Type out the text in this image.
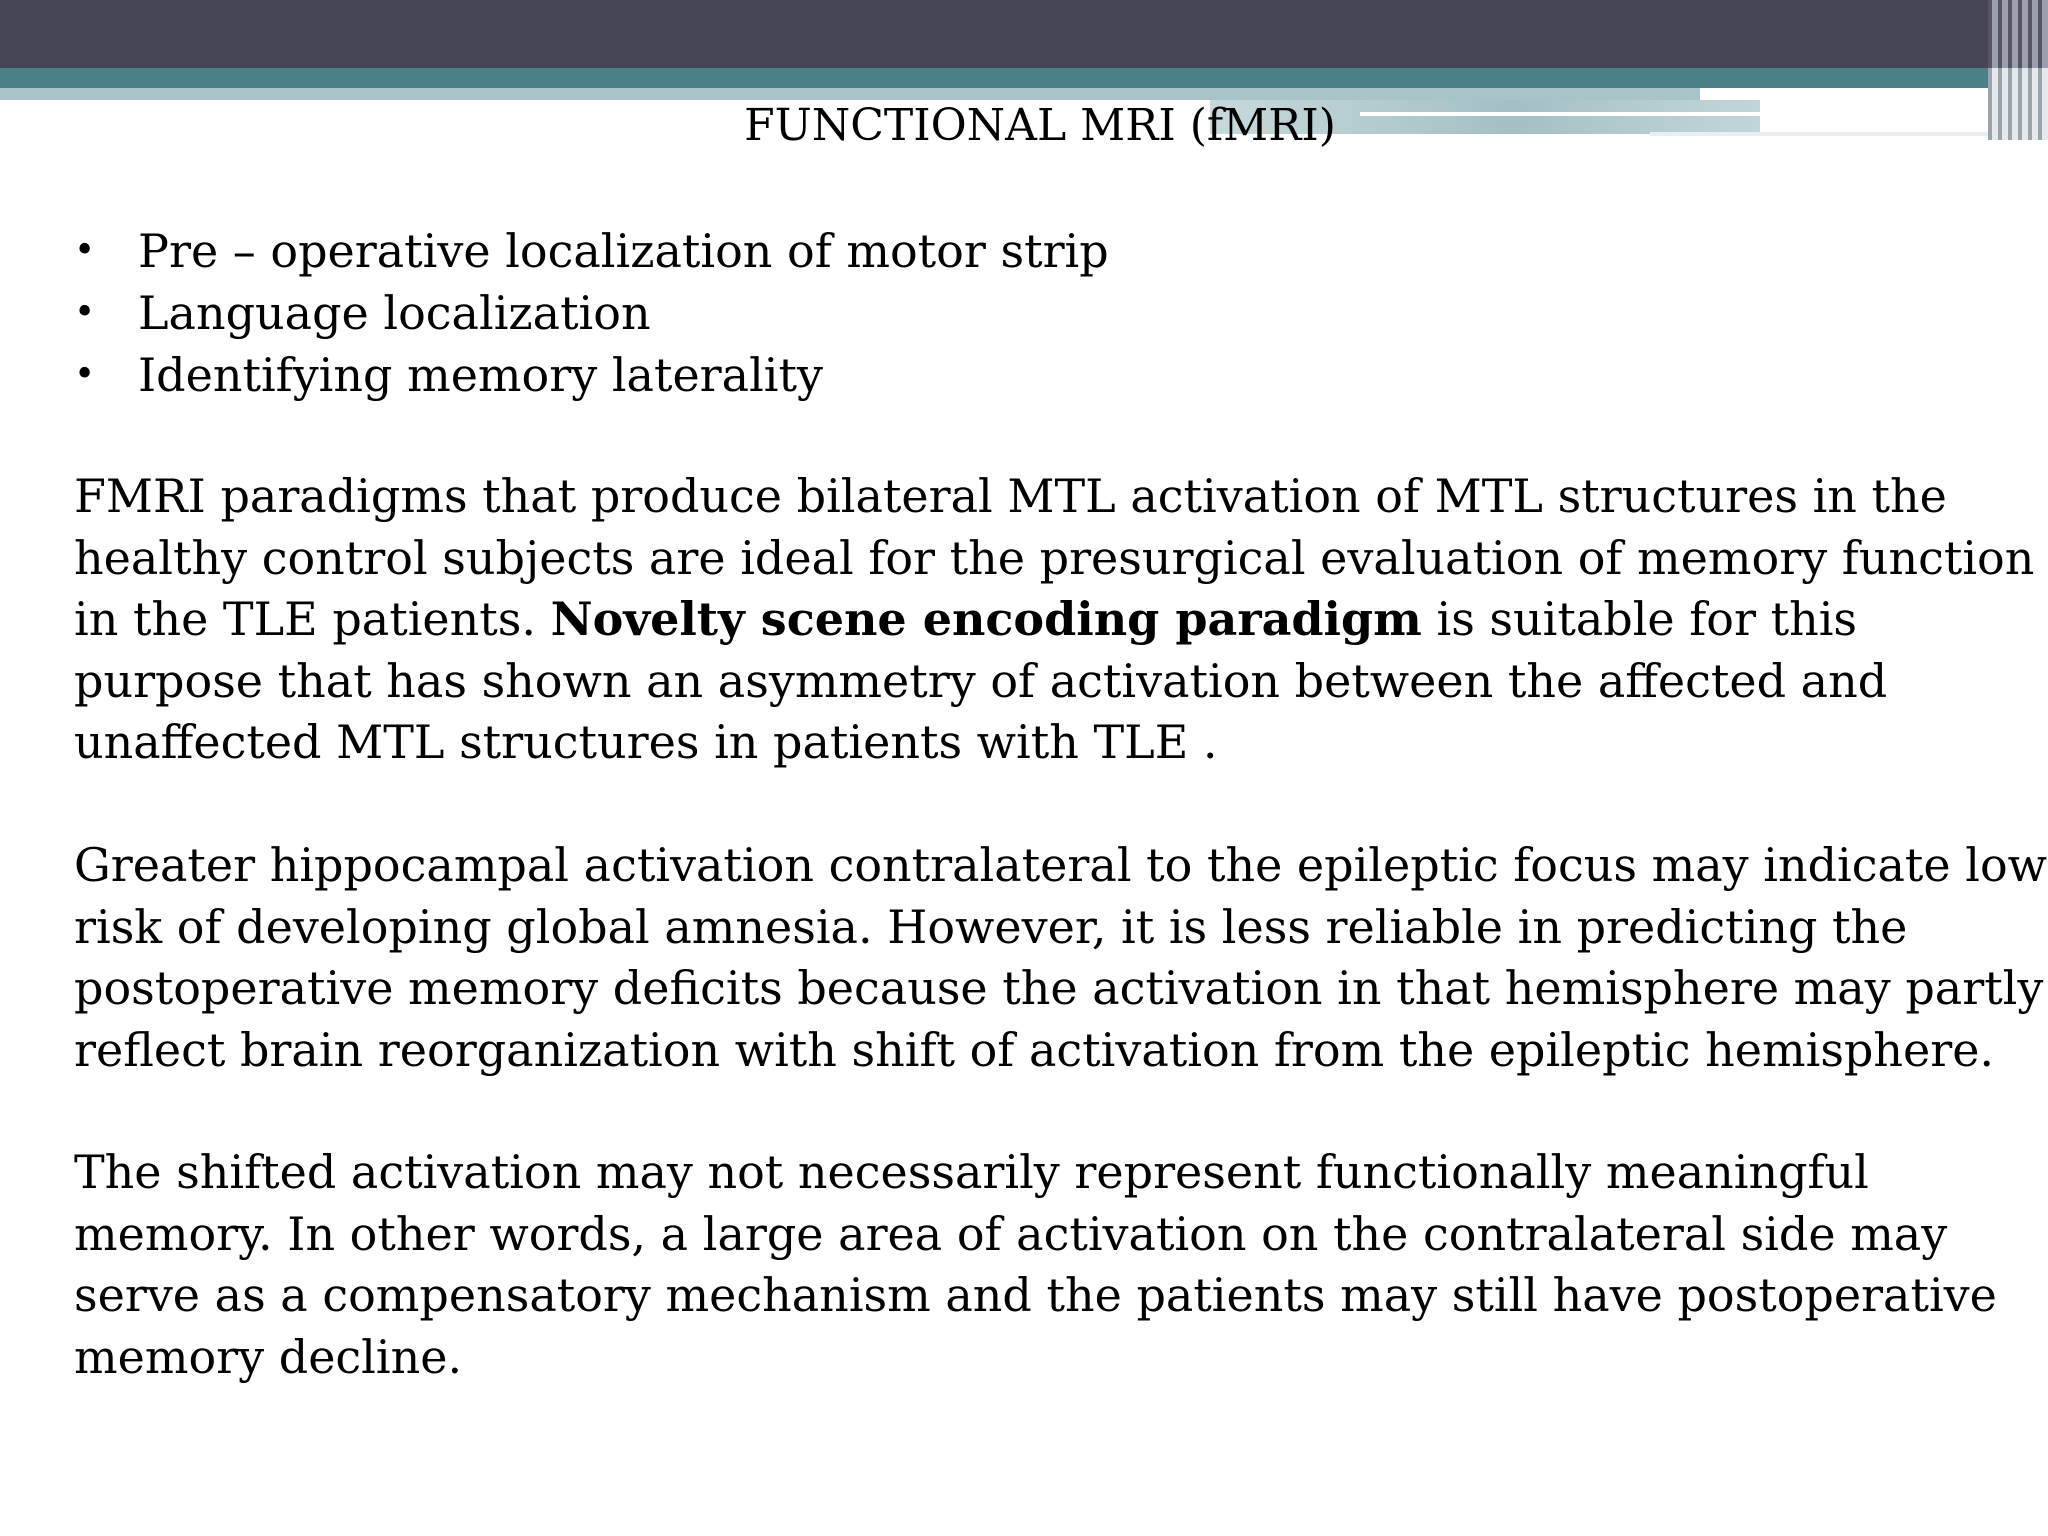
FUNCTIONAL MRI (fMRI)
• Pre – operative localization of motor strip
• Language localization
• Identifying memory laterality

FMRI paradigms that produce bilateral MTL activation of MTL structures in the
healthy control subjects are ideal for the presurgical evaluation of memory function
in the TLE patients. Novelty scene encoding paradigm is suitable for this
purpose that has shown an asymmetry of activation between the affected and
unaffected MTL structures in patients with TLE .

Greater hippocampal activation contralateral to the epileptic focus may indicate low
risk of developing global amnesia. However, it is less reliable in predicting the
postoperative memory deficits because the activation in that hemisphere may partly
reflect brain reorganization with shift of activation from the epileptic hemisphere.

The shifted activation may not necessarily represent functionally meaningful
memory. In other words, a large area of activation on the contralateral side may
serve as a compensatory mechanism and the patients may still have postoperative
memory decline.
